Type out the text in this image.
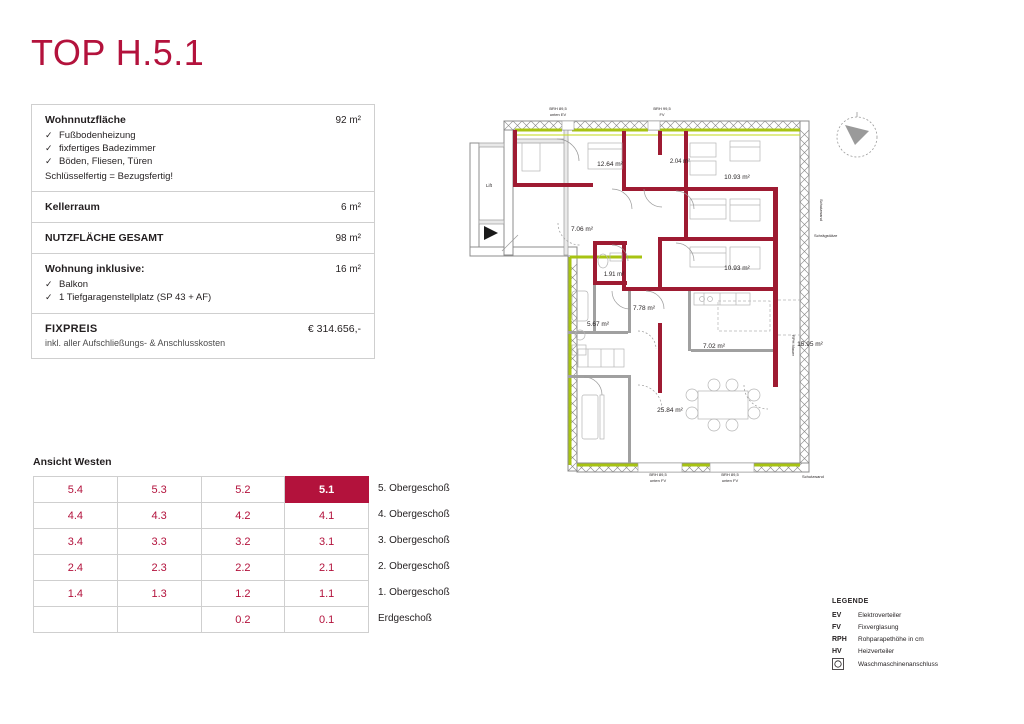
TOP H.5.1
Wohnnutzfläche	92 m²
✓ Fußbodenheizung
✓ fixfertiges Badezimmer
✓ Böden, Fliesen, Türen
Schlüsselfertig = Bezugsfertig!
Kellerraum	6 m²
NUTZFLÄCHE GESAMT	98 m²
Wohnung inklusive:	16 m²
✓ Balkon
✓ 1 Tiefgaragenstellplatz (SP 43 + AF)
FIXPREIS	€ 314.656,-
inkl. aller Aufschließungs- & Anschlusskosten
Ansicht Westen
5.4	5.3	5.2	5.1
4.4	4.3	4.2	4.1
3.4	3.3	3.2	3.1
2.4	2.3	2.2	2.1
1.4	1.3	1.2	1.1
		0.2	0.1
5. Obergeschoß
4. Obergeschoß
3. Obergeschoß
2. Obergeschoß
1. Obergeschoß
Erdgeschoß
12.64 m²	2.04 m²
10.93 m²
7.06 m²
1.91 m²
10.93 m²
7.78 m²
5.67 m²
7.02 m²	15.95 m²
25.84 m²
BRH 89,5
unten EV
BRH 99,5
FV
Lift
Schutzwand
Schrägstütze
RPH Mauer
BRH 89,5
unten FV
BRH 89,5
unten FV
Schutzwand
LEGENDE
EV	Elektroverteiler
FV	Fixverglasung
RPH	Rohparapethöhe in cm
HV	Heizverteiler
Waschmaschinenanschluss
